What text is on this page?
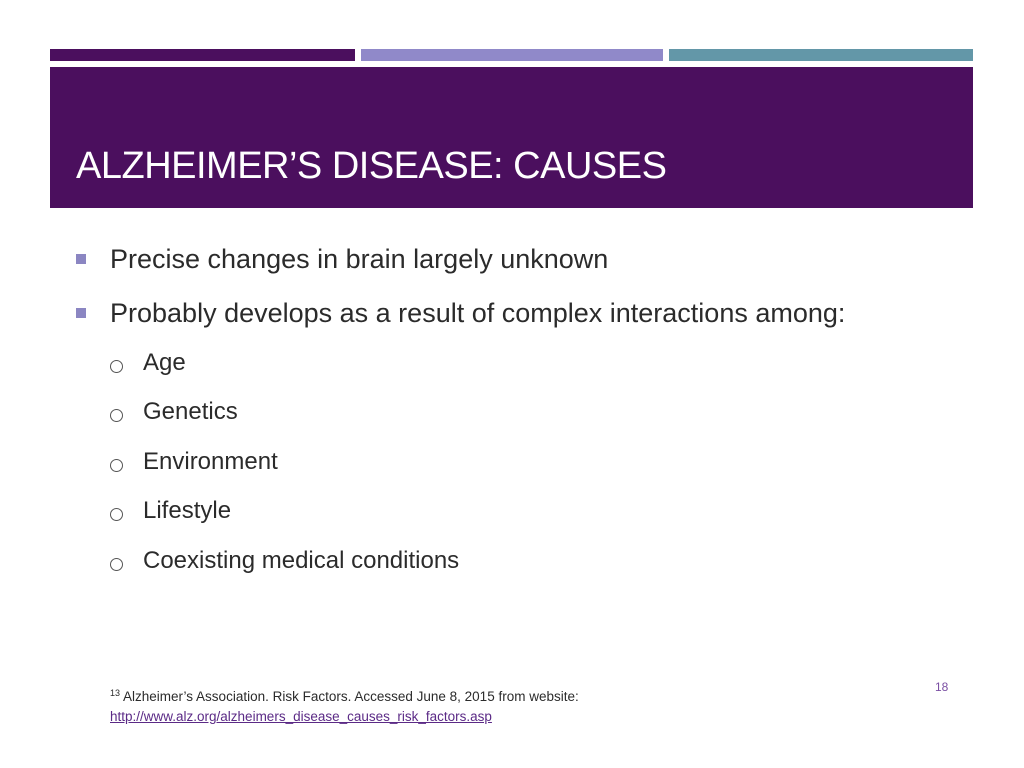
ALZHEIMER’S DISEASE: CAUSES
Precise changes in brain largely unknown
Probably develops as a result of complex interactions among:
Age
Genetics
Environment
Lifestyle
Coexisting medical conditions
$^{13}$ Alzheimer’s Association. Risk Factors. Accessed June 8, 2015 from website:
http://www.alz.org/alzheimers_disease_causes_risk_factors.asp
18
